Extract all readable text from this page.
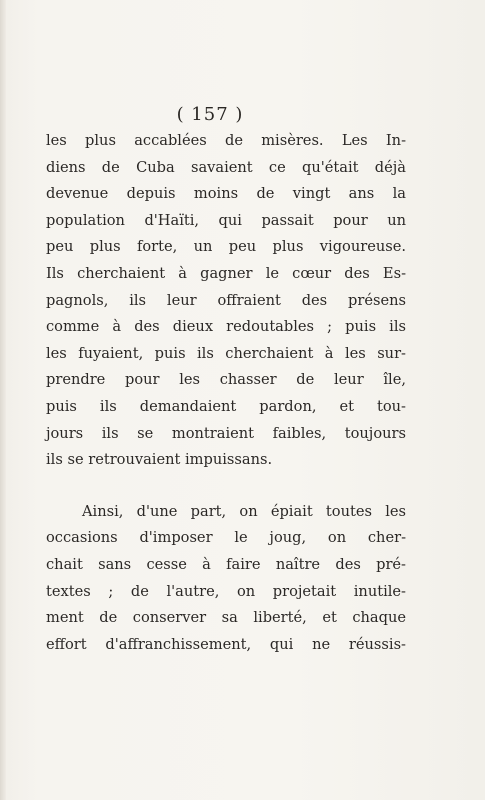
( 157 )
les plus accablées de misères. Les In-
diens de Cuba savaient ce qu'était déjà
devenue depuis moins de vingt ans la
population d'Haïti, qui passait pour un
peu plus forte, un peu plus vigoureuse.
Ils cherchaient à gagner le cœur des Es-
pagnols, ils leur offraient des présens
comme à des dieux redoutables ; puis ils
les fuyaient, puis ils cherchaient à les sur-
prendre pour les chasser de leur île,
puis ils demandaient pardon, et tou-
jours ils se montraient faibles, toujours
ils se retrouvaient impuissans.
Ainsi, d'une part, on épiait toutes les
occasions d'imposer le joug, on cher-
chait sans cesse à faire naître des pré-
textes ; de l'autre, on projetait inutile-
ment de conserver sa liberté, et chaque
effort d'affranchissement, qui ne réussis-
